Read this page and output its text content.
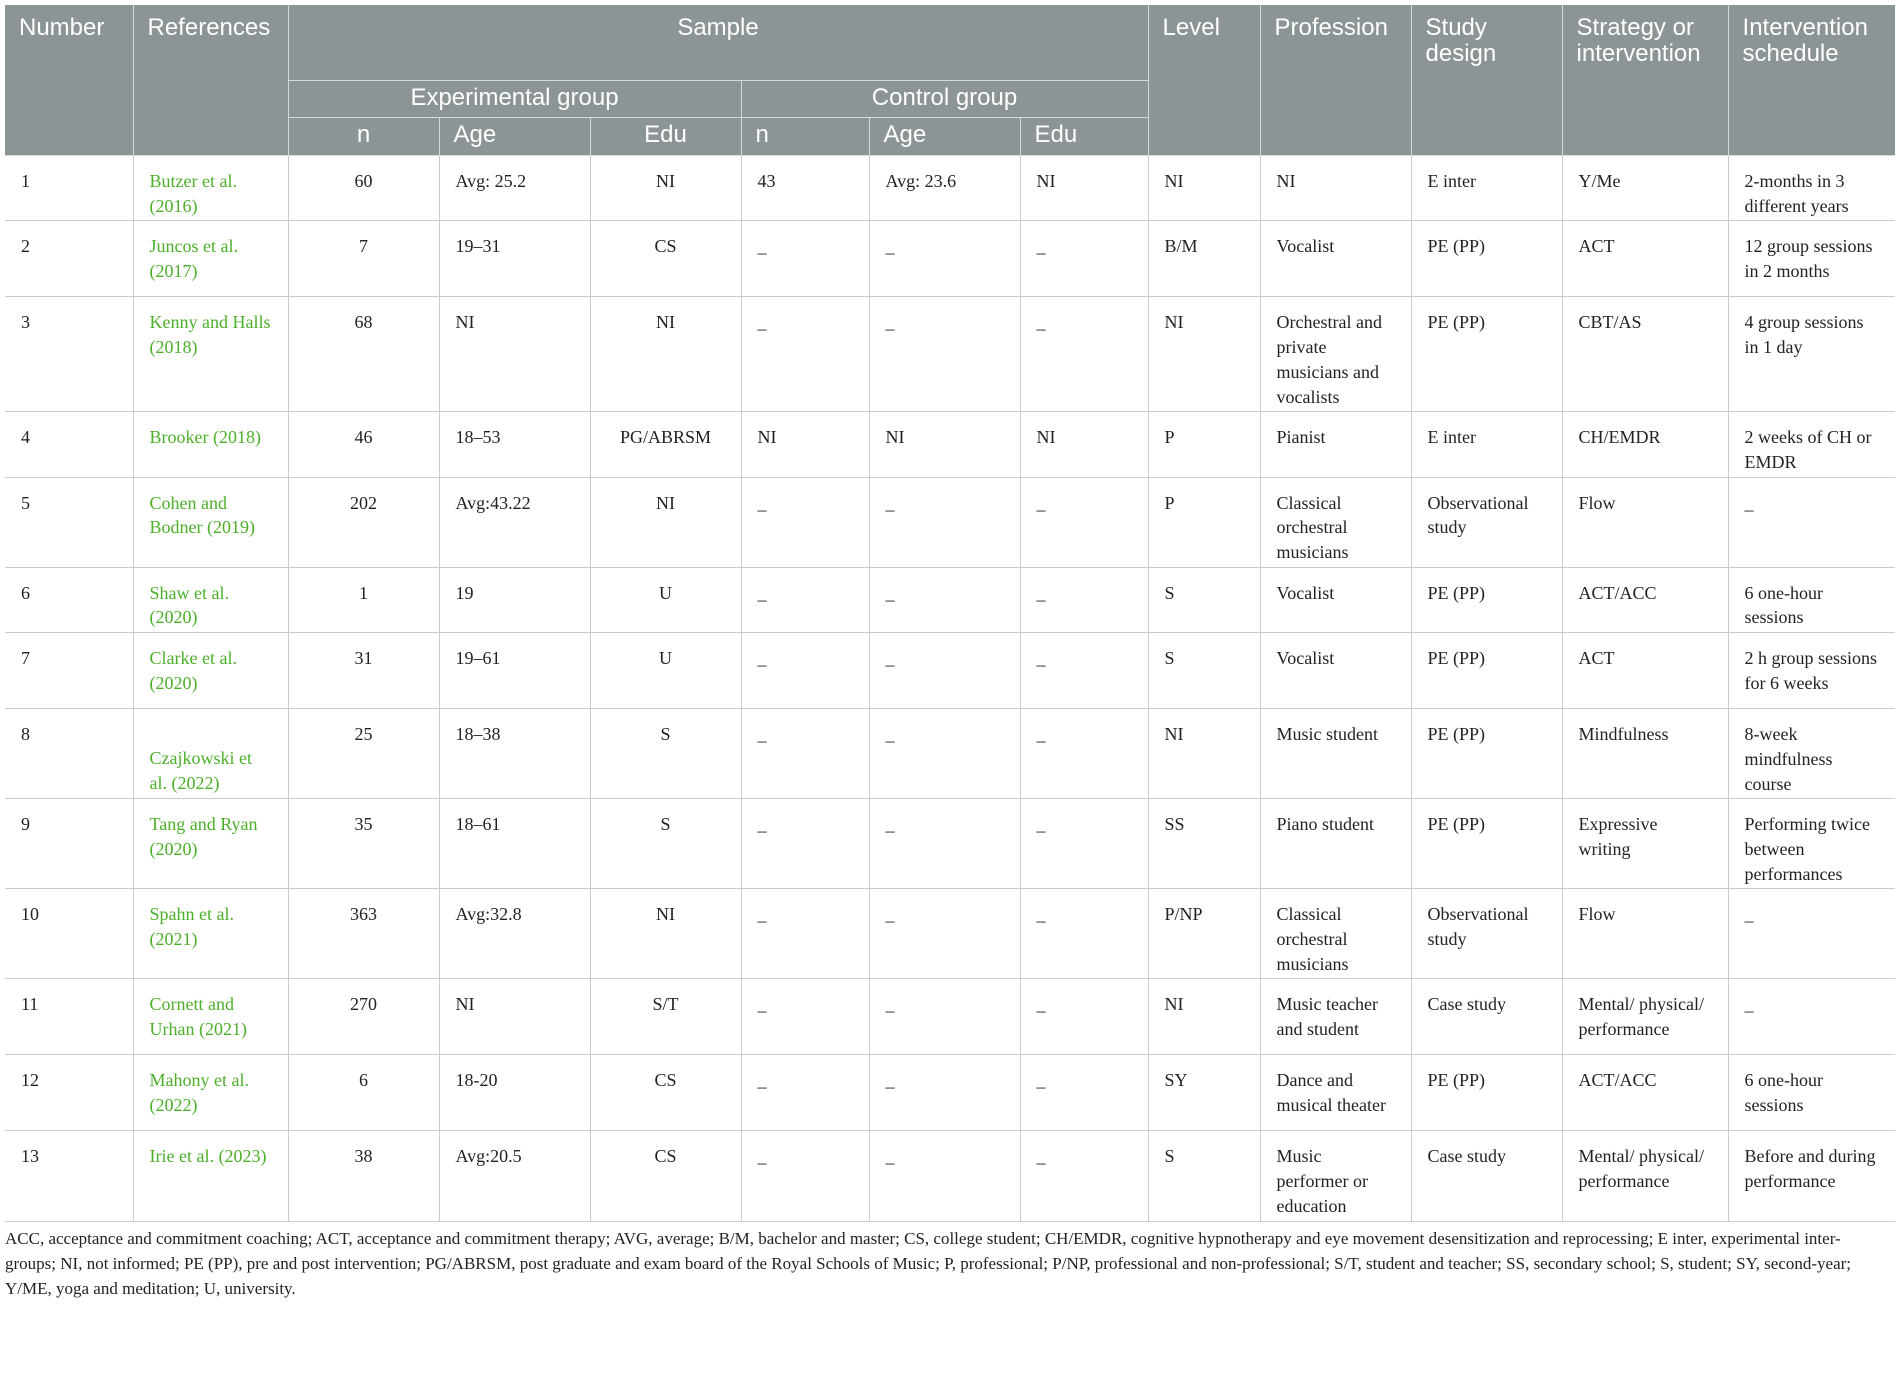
Number	References	Sample						Level	Profession	Study design	Strategy or intervention	Intervention schedule
		Experimental group			Control group							
		n	Age	Edu	n	Age	Edu					
1	Butzer et al. (2016)	60	Avg: 25.2	NI	43	Avg: 23.6	NI	NI	NI	E inter	Y/Me	2-months in 3 different years
2	Juncos et al. (2017)	7	19–31	CS	_	_	_	B/M	Vocalist	PE (PP)	ACT	12 group sessions in 2 months
3	Kenny and Halls (2018)	68	NI	NI	_	_	_	NI	Orchestral and private musicians and vocalists	PE (PP)	CBT/AS	4 group sessions in 1 day
4	Brooker (2018)	46	18–53	PG/ABRSM	NI	NI	NI	P	Pianist	E inter	CH/EMDR	2 weeks of CH or EMDR
5	Cohen and Bodner (2019)	202	Avg:43.22	NI	_	_	_	P	Classical orchestral musicians	Observational study	Flow	_
6	Shaw et al. (2020)	1	19	U	_	_	_	S	Vocalist	PE (PP)	ACT/ACC	6 one-hour sessions
7	Clarke et al. (2020)	31	19–61	U	_	_	_	S	Vocalist	PE (PP)	ACT	2 h group sessions for 6 weeks
8	Czajkowski et al. (2022)	25	18–38	S	_	_	_	NI	Music student	PE (PP)	Mindfulness	8-week mindfulness course
9	Tang and Ryan (2020)	35	18–61	S	_	_	_	SS	Piano student	PE (PP)	Expressive writing	Performing twice between performances
10	Spahn et al. (2021)	363	Avg:32.8	NI	_	_	_	P/NP	Classical orchestral musicians	Observational study	Flow	_
11	Cornett and Urhan (2021)	270	NI	S/T	_	_	_	NI	Music teacher and student	Case study	Mental/ physical/ performance	_
12	Mahony et al. (2022)	6	18-20	CS	_	_	_	SY	Dance and musical theater	PE (PP)	ACT/ACC	6 one-hour sessions
13	Irie et al. (2023)	38	Avg:20.5	CS	_	_	_	S	Music performer or education	Case study	Mental/ physical/ performance	Before and during performance
ACC, acceptance and commitment coaching; ACT, acceptance and commitment therapy; AVG, average; B/M, bachelor and master; CS, college student; CH/EMDR, cognitive hypnotherapy and eye movement desensitization and reprocessing; E inter, experimental inter-groups; NI, not informed; PE (PP), pre and post intervention; PG/ABRSM, post graduate and exam board of the Royal Schools of Music; P, professional; P/NP, professional and non-professional; S/T, student and teacher; SS, secondary school; S, student; SY, second-year; Y/ME, yoga and meditation; U, university.
